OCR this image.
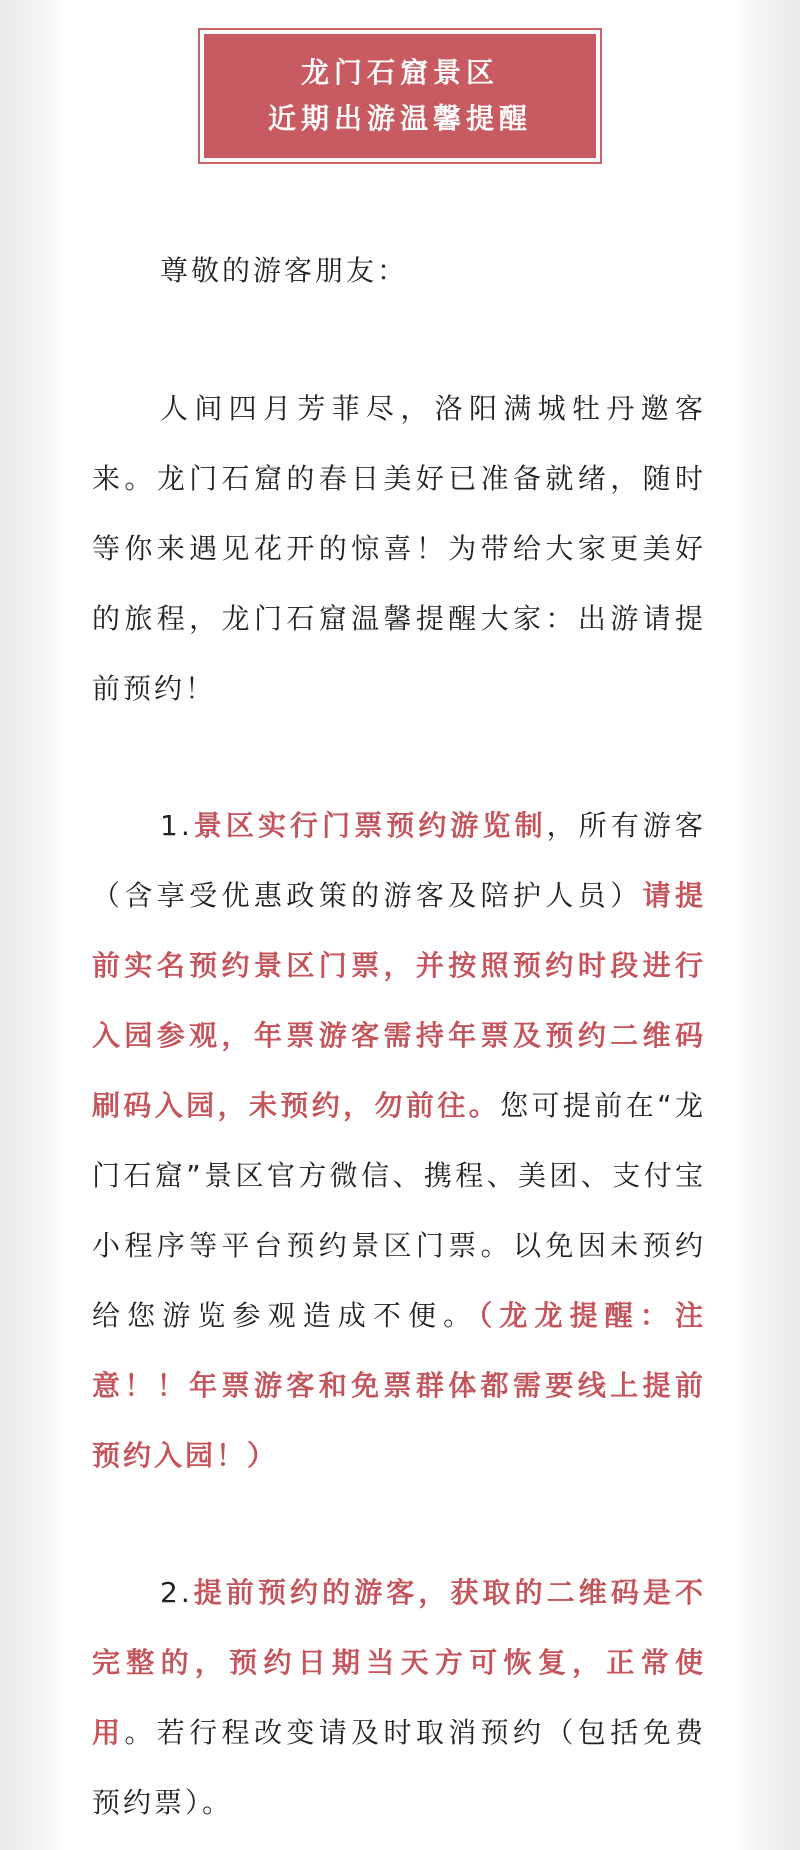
龙门石窟景区
近期出游温馨提醒

尊敬的游客朋友：

人间四月芳菲尽，洛阳满城牡丹邀客来。龙门石窟的春日美好已准备就绪，随时等你来遇见花开的惊喜！为带给大家更美好的旅程，龙门石窟温馨提醒大家：出游请提前预约！

1.景区实行门票预约游览制，所有游客（含享受优惠政策的游客及陪护人员）请提前实名预约景区门票，并按照预约时段进行入园参观，年票游客需持年票及预约二维码刷码入园，未预约，勿前往。您可提前在“龙门石窟”景区官方微信、携程、美团、支付宝小程序等平台预约景区门票。以免因未预约给您游览参观造成不便。（龙龙提醒：注意！！年票游客和免票群体都需要线上提前预约入园！）

2.提前预约的游客，获取的二维码是不完整的，预约日期当天方可恢复，正常使用。若行程改变请及时取消预约（包括免费预约票）。
